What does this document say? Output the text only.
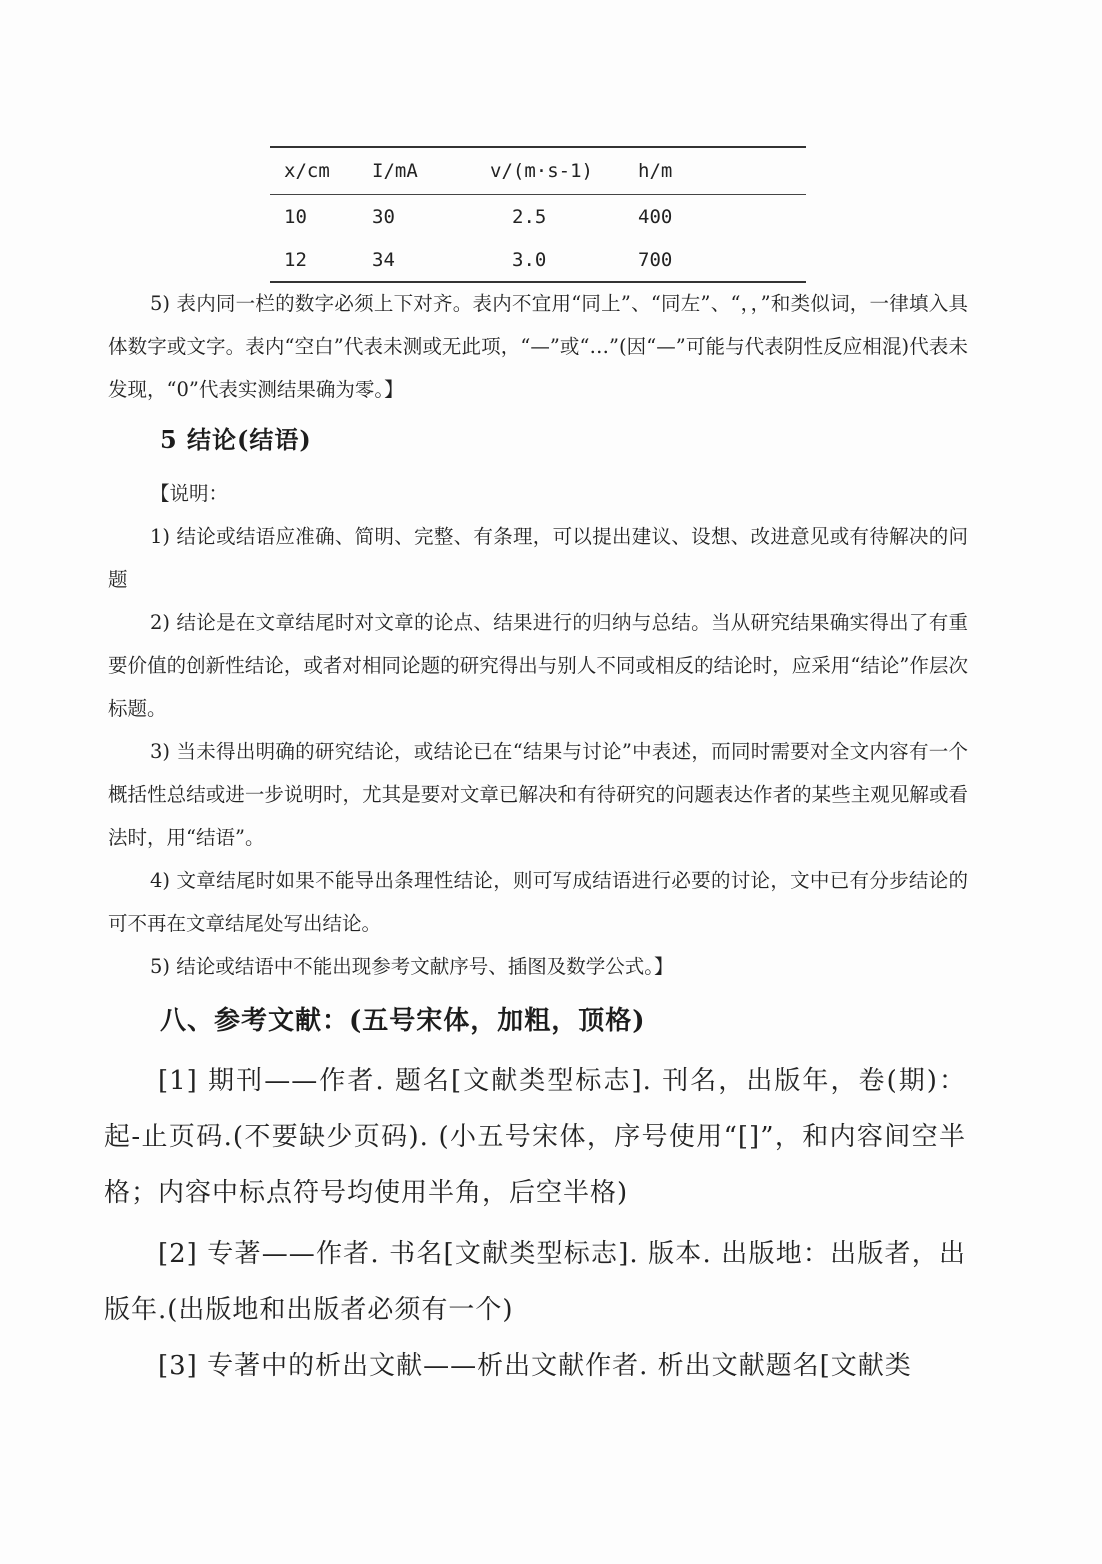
x/cm	I/mA	v/(m·s-1)	h/m
10	30	2.5	400
12	34	3.0	700

5) 表内同一栏的数字必须上下对齐。表内不宜用“同上”、“同左”、“，，”和类似词，一律填入具体数字或文字。表内“空白”代表未测或无此项，“—”或“…”(因“—”可能与代表阴性反应相混)代表未发现，“0”代表实测结果确为零。】

5 结论(结语)

【说明：

1) 结论或结语应准确、简明、完整、有条理，可以提出建议、设想、改进意见或有待解决的问题

2) 结论是在文章结尾时对文章的论点、结果进行的归纳与总结。当从研究结果确实得出了有重要价值的创新性结论，或者对相同论题的研究得出与别人不同或相反的结论时，应采用“结论”作层次标题。

3) 当未得出明确的研究结论，或结论已在“结果与讨论”中表述，而同时需要对全文内容有一个概括性总结或进一步说明时，尤其是要对文章已解决和有待研究的问题表达作者的某些主观见解或看法时，用“结语”。

4) 文章结尾时如果不能导出条理性结论，则可写成结语进行必要的讨论，文中已有分步结论的可不再在文章结尾处写出结论。

5) 结论或结语中不能出现参考文献序号、插图及数学公式。】

八、参考文献：(五号宋体，加粗，顶格)

[1] 期刊——作者. 题名[文献类型标志]. 刊名，出版年，卷(期)：起-止页码.(不要缺少页码). (小五号宋体，序号使用“[]”，和内容间空半格；内容中标点符号均使用半角，后空半格)

[2] 专著——作者. 书名[文献类型标志]. 版本. 出版地：出版者，出版年.(出版地和出版者必须有一个)

[3] 专著中的析出文献——析出文献作者. 析出文献题名[文献类
